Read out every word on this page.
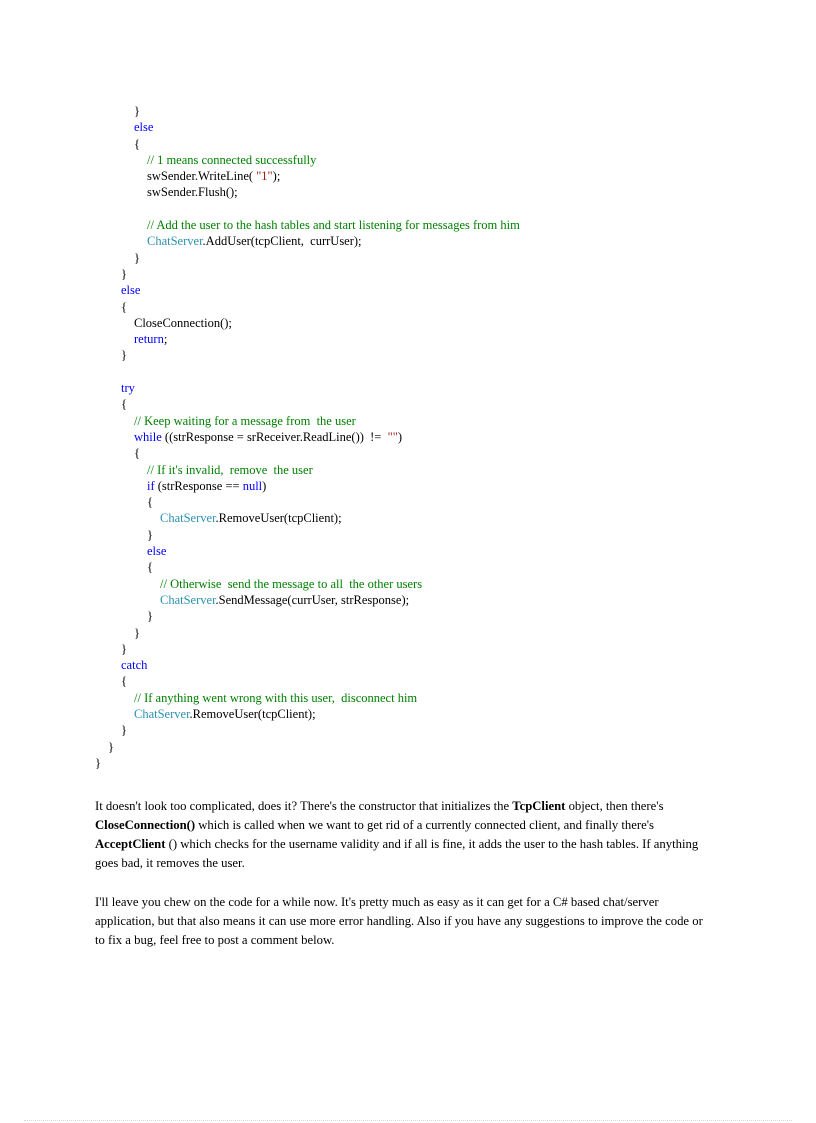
}
else
{
// 1 means connected successfully
swSender.WriteLine( "1");
swSender.Flush();
// Add the user to the hash tables and start listening for messages from him
ChatServer.AddUser(tcpClient,  currUser);
}
}
else
{
CloseConnection();
return;
}
try
{
// Keep waiting for a message from  the user
while ((strResponse = srReceiver.ReadLine())  !=  "")
{
// If it's invalid,  remove  the user
if (strResponse == null)
{
ChatServer.RemoveUser(tcpClient);
}
else
{
// Otherwise  send the message to all  the other users
ChatServer.SendMessage(currUser, strResponse);
}
}
}
catch
{
// If anything went wrong with this user,  disconnect him
ChatServer.RemoveUser(tcpClient);
}
}
}

It doesn't look too complicated, does it? There's the constructor that initializes the TcpClient object, then there's CloseConnection() which is called when we want to get rid of a currently connected client, and finally there's AcceptClient () which checks for the username validity and if all is fine, it adds the user to the hash tables. If anything goes bad, it removes the user.

I'll leave you chew on the code for a while now. It's pretty much as easy as it can get for a C# based chat/server application, but that also means it can use more error handling. Also if you have any suggestions to improve the code or to fix a bug, feel free to post a comment below.
